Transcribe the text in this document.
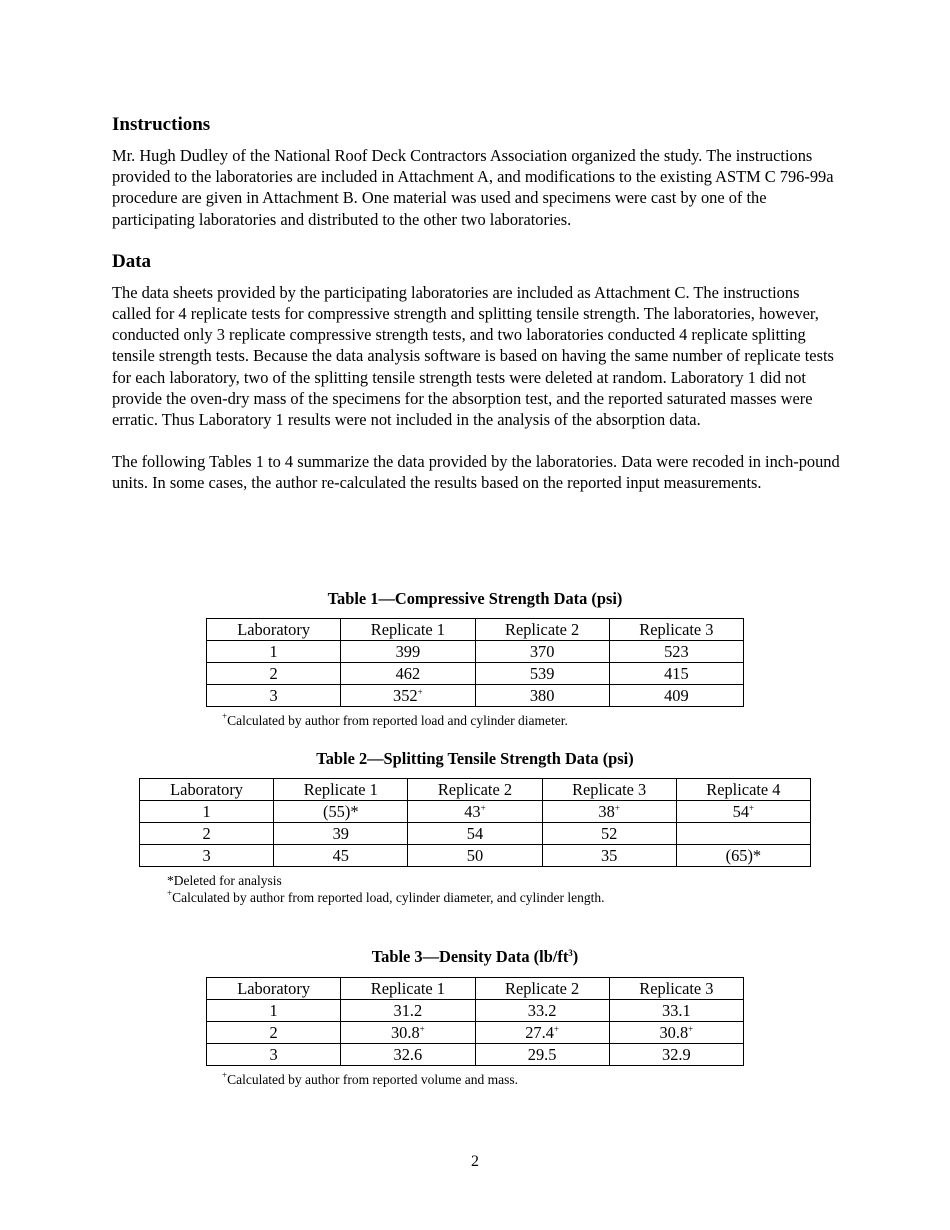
Instructions

Mr. Hugh Dudley of the National Roof Deck Contractors Association organized the study. The instructions provided to the laboratories are included in Attachment A, and modifications to the existing ASTM C 796-99a procedure are given in Attachment B. One material was used and specimens were cast by one of the participating laboratories and distributed to the other two laboratories.

Data

The data sheets provided by the participating laboratories are included as Attachment C. The instructions called for 4 replicate tests for compressive strength and splitting tensile strength. The laboratories, however, conducted only 3 replicate compressive strength tests, and two laboratories conducted 4 replicate splitting tensile strength tests. Because the data analysis software is based on having the same number of replicate tests for each laboratory, two of the splitting tensile strength tests were deleted at random. Laboratory 1 did not provide the oven-dry mass of the specimens for the absorption test, and the reported saturated masses were erratic. Thus Laboratory 1 results were not included in the analysis of the absorption data.

The following Tables 1 to 4 summarize the data provided by the laboratories. Data were recoded in inch-pound units. In some cases, the author re-calculated the results based on the reported input measurements.

Table 1—Compressive Strength Data (psi)
Laboratory	Replicate 1	Replicate 2	Replicate 3
1	399	370	523
2	462	539	415
3	352+	380	409
+Calculated by author from reported load and cylinder diameter.
Table 2—Splitting Tensile Strength Data (psi)
Laboratory	Replicate 1	Replicate 2	Replicate 3	Replicate 4
1	(55)*	43+	38+	54+
2	39	54	52	
3	45	50	35	(65)*
*Deleted for analysis
+Calculated by author from reported load, cylinder diameter, and cylinder length.
Table 3—Density Data $(lb/ft^3)$
Laboratory	Replicate 1	Replicate 2	Replicate 3
1	31.2	33.2	33.1
2	30.8+	27.4+	30.8+
3	32.6	29.5	32.9
+Calculated by author from reported volume and mass.
2
